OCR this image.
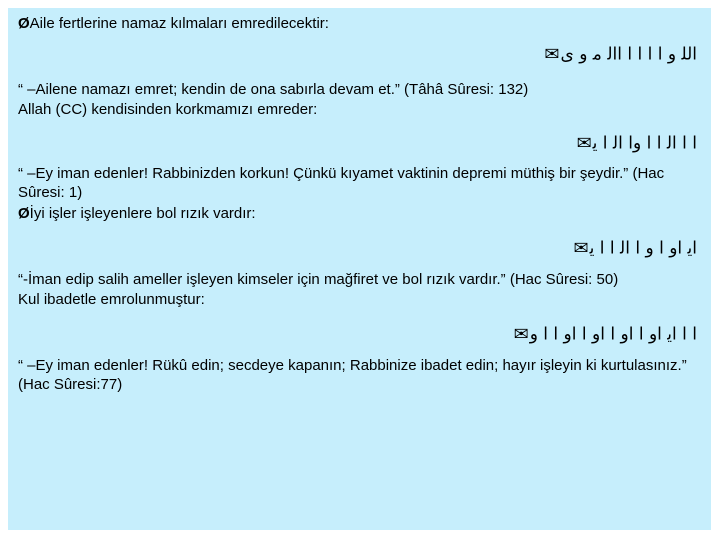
ØAile fertlerine namaz kılmaları emredilecektir:
ﺍﻟﻠ ﻭ ﺍ ﺍ ﺍ ﺍ ﺍﺍﻟ ﻣ ﻭ ﻯ✉
“ –Ailene namazı emret; kendin de ona sabırla devam et.” (Tâhâ Sûresi: 132)
Allah (CC) kendisinden korkmamızı emreder:
ﺍ ﺍ ﺍﻟ ﺍ ﺍ ﻭﺍ ﺍﻟ ﺍ ﻳ✉
“ –Ey iman edenler! Rabbinizden korkun! Çünkü kıyamet vaktinin depremi müthiş bir şeydir.” (Hac Sûresi: 1)
Øİyi işler işleyenlere bol rızık vardır:
ﺍﻳ ﺍﻭ ﺍ ﻭ ﺍ ﺍﻟ ﺍ ﺍ ﻳ✉
“-İman edip salih ameller işleyen kimseler için mağfiret ve bol rızık vardır.” (Hac Sûresi: 50)
Kul ibadetle emrolunmuştur:
ﺍ ﺍ ﺍﻳ ﺍﻭ ﺍ ﺍﻭ ﺍ ﺍﻭ ﺍ ﺍﻭ ﺍ ﺍ ﻭ✉
“ –Ey iman edenler! Rükû edin; secdeye kapanın; Rabbinize ibadet edin; hayır işleyin ki kurtulasınız.” (Hac Sûresi:77)
